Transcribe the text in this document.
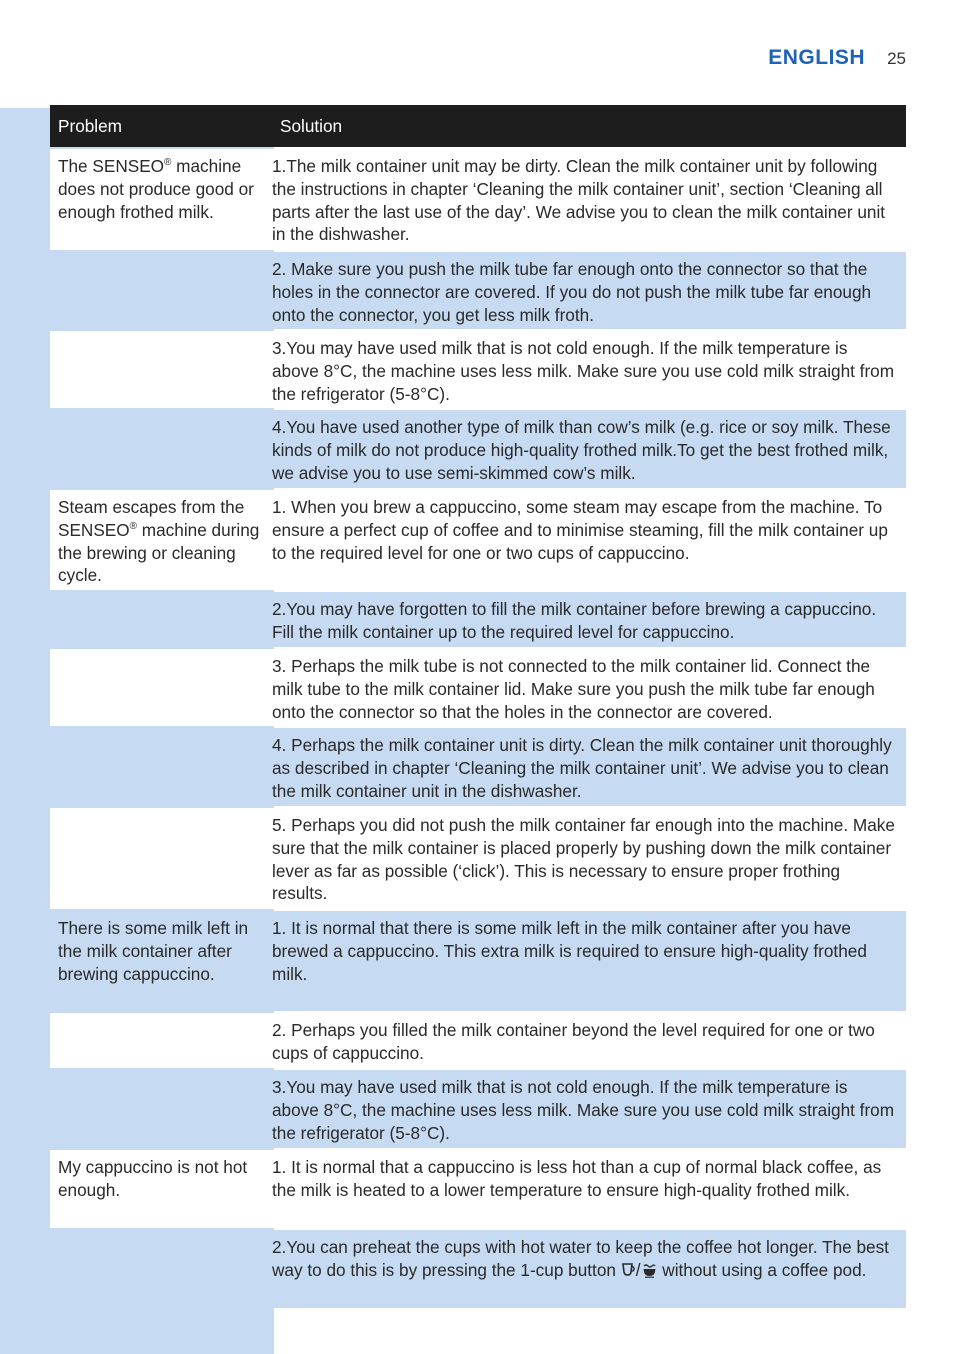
ENGLISH 25
Problem	Solution
The SENSEO® machine does not produce good or enough frothed milk.
1.The milk container unit may be dirty. Clean the milk container unit by following the instructions in chapter ‘Cleaning the milk container unit’, section ‘Cleaning all parts after the last use of the day’. We advise you to clean the milk container unit in the dishwasher.
2. Make sure you push the milk tube far enough onto the connector so that the holes in the connector are covered. If you do not push the milk tube far enough onto the connector, you get less milk froth.
3.You may have used milk that is not cold enough. If the milk temperature is above 8°C, the machine uses less milk. Make sure you use cold milk straight from the refrigerator (5-8°C).
4.You have used another type of milk than cow’s milk (e.g. rice or soy milk. These kinds of milk do not produce high-quality frothed milk.To get the best frothed milk, we advise you to use semi-skimmed cow’s milk.
Steam escapes from the SENSEO® machine during the brewing or cleaning cycle.
1. When you brew a cappuccino, some steam may escape from the machine. To ensure a perfect cup of coffee and to minimise steaming, fill the milk container up to the required level for one or two cups of cappuccino.
2.You may have forgotten to fill the milk container before brewing a cappuccino. Fill the milk container up to the required level for cappuccino.
3. Perhaps the milk tube is not connected to the milk container lid. Connect the milk tube to the milk container lid. Make sure you push the milk tube far enough onto the connector so that the holes in the connector are covered.
4. Perhaps the milk container unit is dirty. Clean the milk container unit thoroughly as described in chapter ‘Cleaning the milk container unit’. We advise you to clean the milk container unit in the dishwasher.
5. Perhaps you did not push the milk container far enough into the machine. Make sure that the milk container is placed properly by pushing down the milk container lever as far as possible (‘click’). This is necessary to ensure proper frothing results.
There is some milk left in the milk container after brewing cappuccino.
1. It is normal that there is some milk left in the milk container after you have brewed a cappuccino. This extra milk is required to ensure high-quality frothed milk.
2. Perhaps you filled the milk container beyond the level required for one or two cups of cappuccino.
3.You may have used milk that is not cold enough. If the milk temperature is above 8°C, the machine uses less milk. Make sure you use cold milk straight from the refrigerator (5-8°C).
My cappuccino is not hot enough.
1. It is normal that a cappuccino is less hot than a cup of normal black coffee, as the milk is heated to a lower temperature to ensure high-quality frothed milk.
2.You can preheat the cups with hot water to keep the coffee hot longer. The best way to do this is by pressing the 1-cup button / without using a coffee pod.
